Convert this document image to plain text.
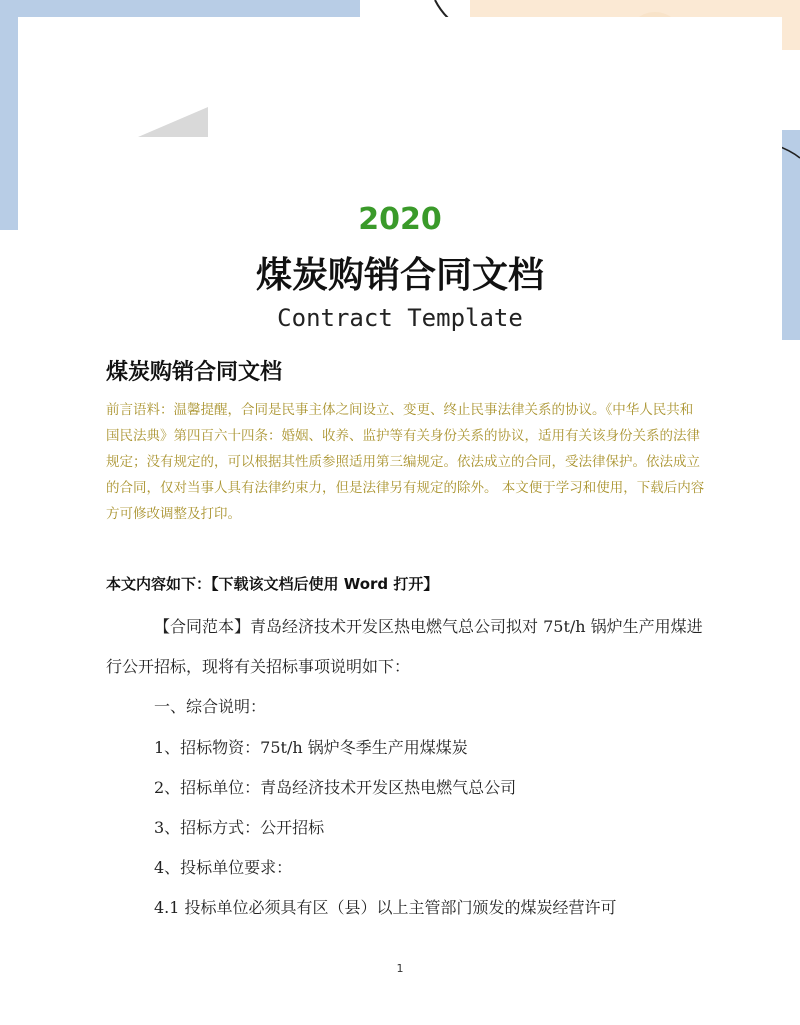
2020
煤炭购销合同文档
Contract Template
煤炭购销合同文档
前言语料：温馨提醒，合同是民事主体之间设立、变更、终止民事法律关系的协议。《中华人民共和国民法典》第四百六十四条：婚姻、收养、监护等有关身份关系的协议，适用有关该身份关系的法律规定；没有规定的，可以根据其性质参照适用第三编规定。依法成立的合同，受法律保护。依法成立的合同，仅对当事人具有法律约束力，但是法律另有规定的除外。 本文便于学习和使用，下载后内容方可修改调整及打印。
本文内容如下：【下载该文档后使用 Word 打开】
【合同范本】青岛经济技术开发区热电燃气总公司拟对 75t/h 锅炉生产用煤进行公开招标，现将有关招标事项说明如下：
一、综合说明：
1、招标物资：75t/h 锅炉冬季生产用煤煤炭
2、招标单位：青岛经济技术开发区热电燃气总公司
3、招标方式：公开招标
4、投标单位要求：
4.1 投标单位必须具有区（县）以上主管部门颁发的煤炭经营许可
1
